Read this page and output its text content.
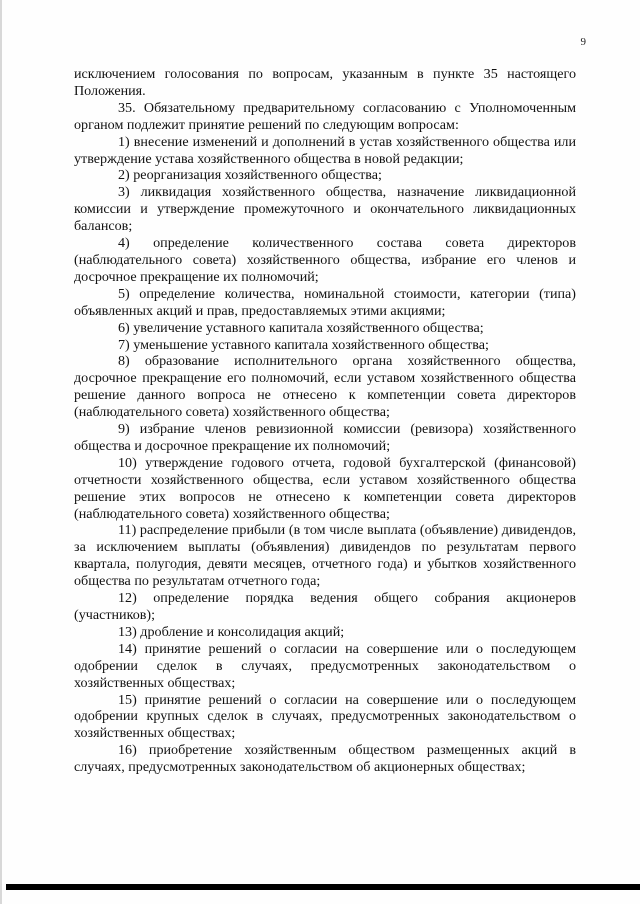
9

исключением голосования по вопросам, указанным в пункте 35 настоящего Положения.

35. Обязательному предварительному согласованию с Уполномоченным органом подлежит принятие решений по следующим вопросам:

1) внесение изменений и дополнений в устав хозяйственного общества или утверждение устава хозяйственного общества в новой редакции;

2) реорганизация хозяйственного общества;

3) ликвидация хозяйственного общества, назначение ликвидационной комиссии и утверждение промежуточного и окончательного ликвидационных балансов;

4) определение количественного состава совета директоров (наблюдательного совета) хозяйственного общества, избрание его членов и досрочное прекращение их полномочий;

5) определение количества, номинальной стоимости, категории (типа) объявленных акций и прав, предоставляемых этими акциями;

6) увеличение уставного капитала хозяйственного общества;

7) уменьшение уставного капитала хозяйственного общества;

8) образование исполнительного органа хозяйственного общества, досрочное прекращение его полномочий, если уставом хозяйственного общества решение данного вопроса не отнесено к компетенции совета директоров (наблюдательного совета) хозяйственного общества;

9) избрание членов ревизионной комиссии (ревизора) хозяйственного общества и досрочное прекращение их полномочий;

10) утверждение годового отчета, годовой бухгалтерской (финансовой) отчетности хозяйственного общества, если уставом хозяйственного общества решение этих вопросов не отнесено к компетенции совета директоров (наблюдательного совета) хозяйственного общества;

11) распределение прибыли (в том числе выплата (объявление) дивидендов, за исключением выплаты (объявления) дивидендов по результатам первого квартала, полугодия, девяти месяцев, отчетного года) и убытков хозяйственного общества по результатам отчетного года;

12) определение порядка ведения общего собрания акционеров (участников);

13) дробление и консолидация акций;

14) принятие решений о согласии на совершение или о последующем одобрении сделок в случаях, предусмотренных законодательством о хозяйственных обществах;

15) принятие решений о согласии на совершение или о последующем одобрении крупных сделок в случаях, предусмотренных законодательством о хозяйственных обществах;

16) приобретение хозяйственным обществом размещенных акций в случаях, предусмотренных законодательством об акционерных обществах;
